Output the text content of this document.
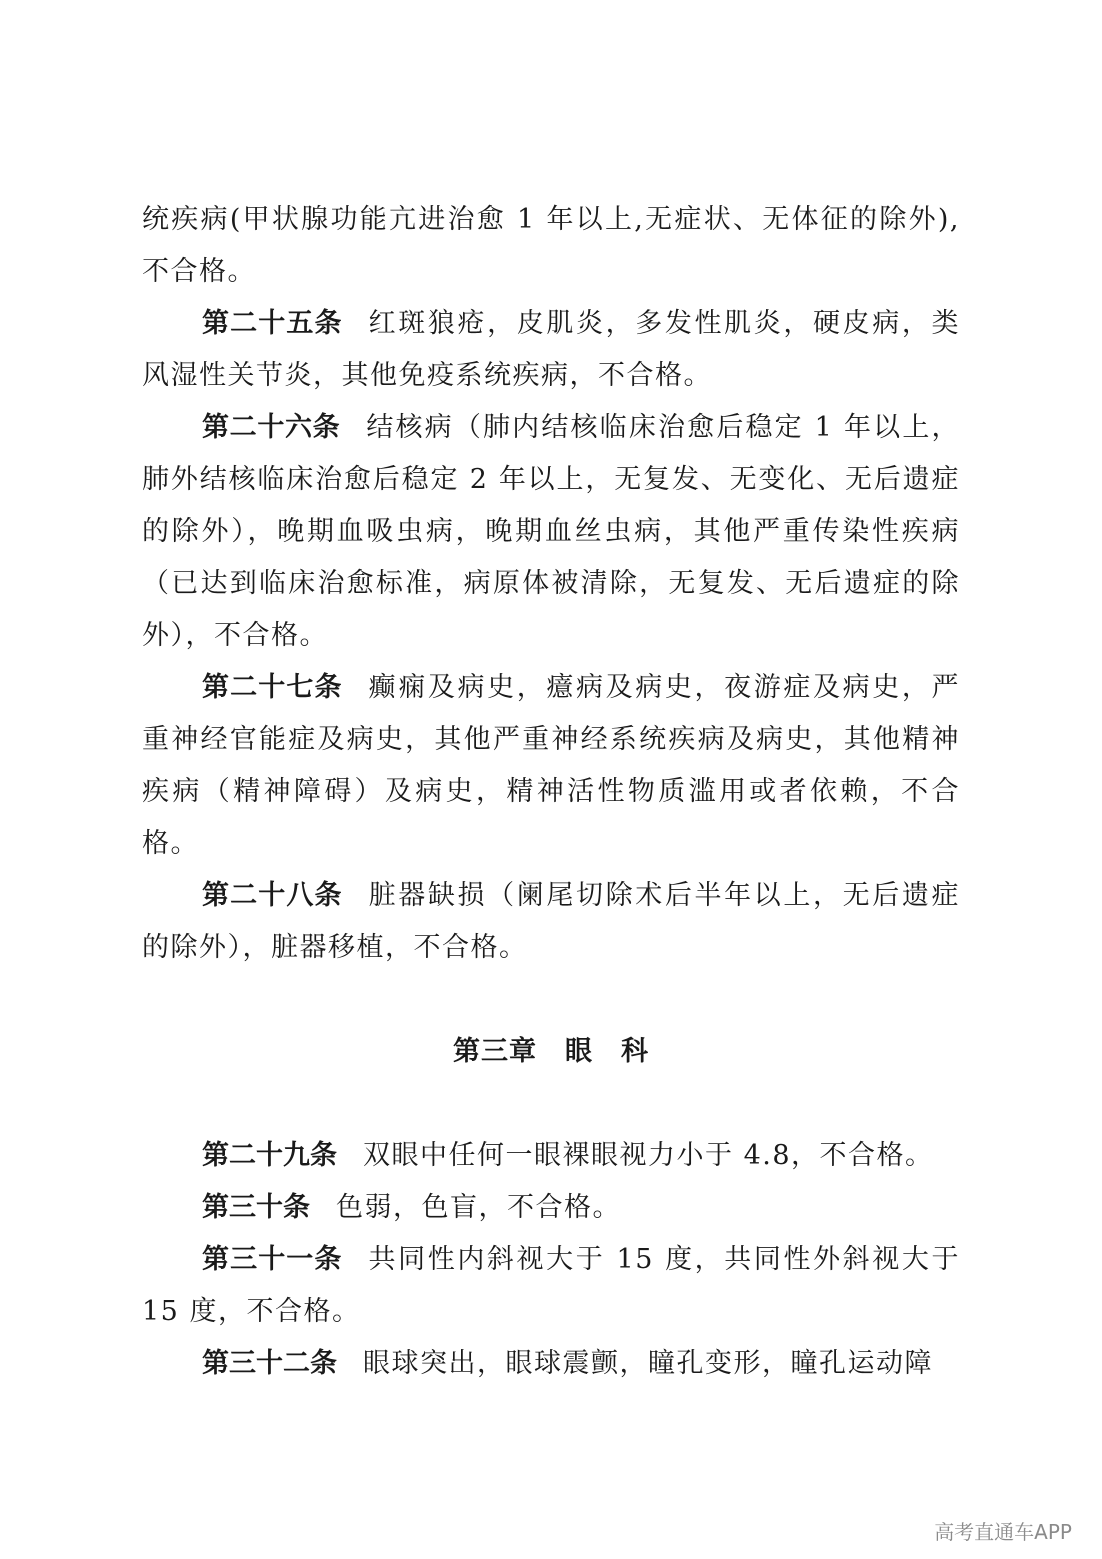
统疾病(甲状腺功能亢进治愈 1 年以上,无症状、无体征的除外),不合格。

第二十五条 红斑狼疮，皮肌炎，多发性肌炎，硬皮病，类风湿性关节炎，其他免疫系统疾病，不合格。

第二十六条 结核病（肺内结核临床治愈后稳定 1 年以上，肺外结核临床治愈后稳定 2 年以上，无复发、无变化、无后遗症的除外），晚期血吸虫病，晚期血丝虫病，其他严重传染性疾病（已达到临床治愈标准，病原体被清除，无复发、无后遗症的除外），不合格。

第二十七条 癫痫及病史，癔病及病史，夜游症及病史，严重神经官能症及病史，其他严重神经系统疾病及病史，其他精神疾病（精神障碍）及病史，精神活性物质滥用或者依赖，不合格。

第二十八条 脏器缺损（阑尾切除术后半年以上，无后遗症的除外），脏器移植，不合格。

第三章　眼　科

第二十九条 双眼中任何一眼裸眼视力小于 4.8，不合格。

第三十条 色弱，色盲，不合格。

第三十一条 共同性内斜视大于 15 度，共同性外斜视大于 15 度，不合格。

第三十二条 眼球突出，眼球震颤，瞳孔变形，瞳孔运动障

高考直通车APP
